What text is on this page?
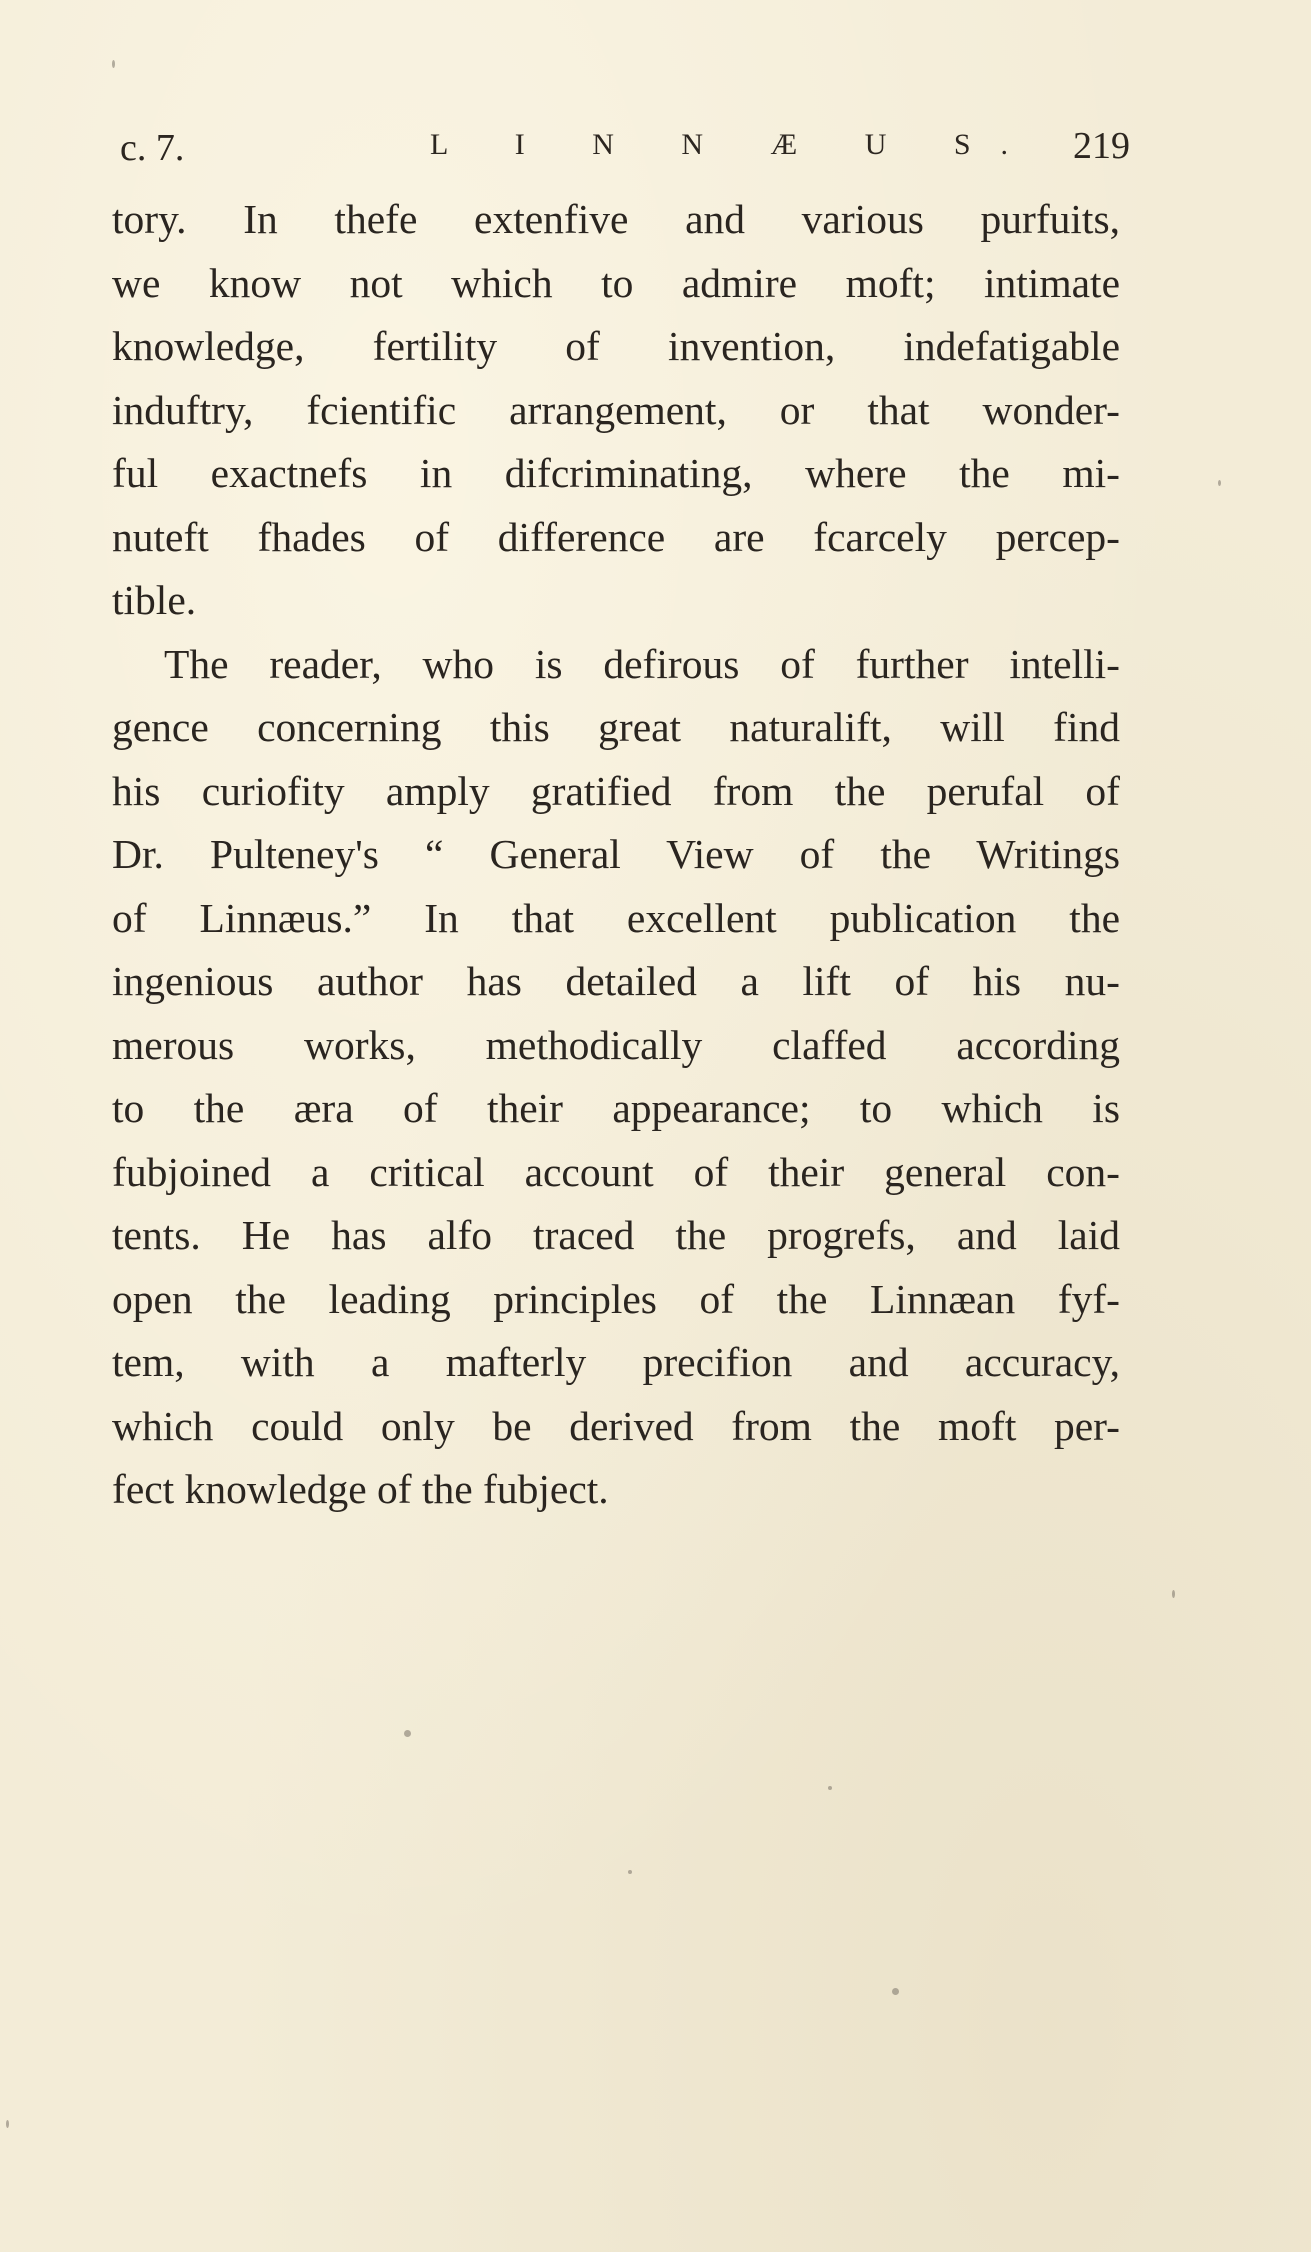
c. 7.	L I N N Æ U S. 219
tory. In thefe extenfive and various purfuits,
we know not which to admire moft; intimate
knowledge, fertility of invention, indefatigable
induftry, fcientific arrangement, or that wonder-
ful exactnefs in difcriminating, where the mi-
nuteft fhades of difference are fcarcely percep-
tible.
The reader, who is defirous of further intelli-
gence concerning this great naturalift, will find
his curiofity amply gratified from the perufal of
Dr. Pulteney's “ General View of the Writings
of Linnæus.” In that excellent publication the
ingenious author has detailed a lift of his nu-
merous works, methodically claffed according
to the æra of their appearance; to which is
fubjoined a critical account of their general con-
tents. He has alfo traced the progrefs, and laid
open the leading principles of the Linnæan fyf-
tem, with a mafterly precifion and accuracy,
which could only be derived from the moft per-
fect knowledge of the fubject.
